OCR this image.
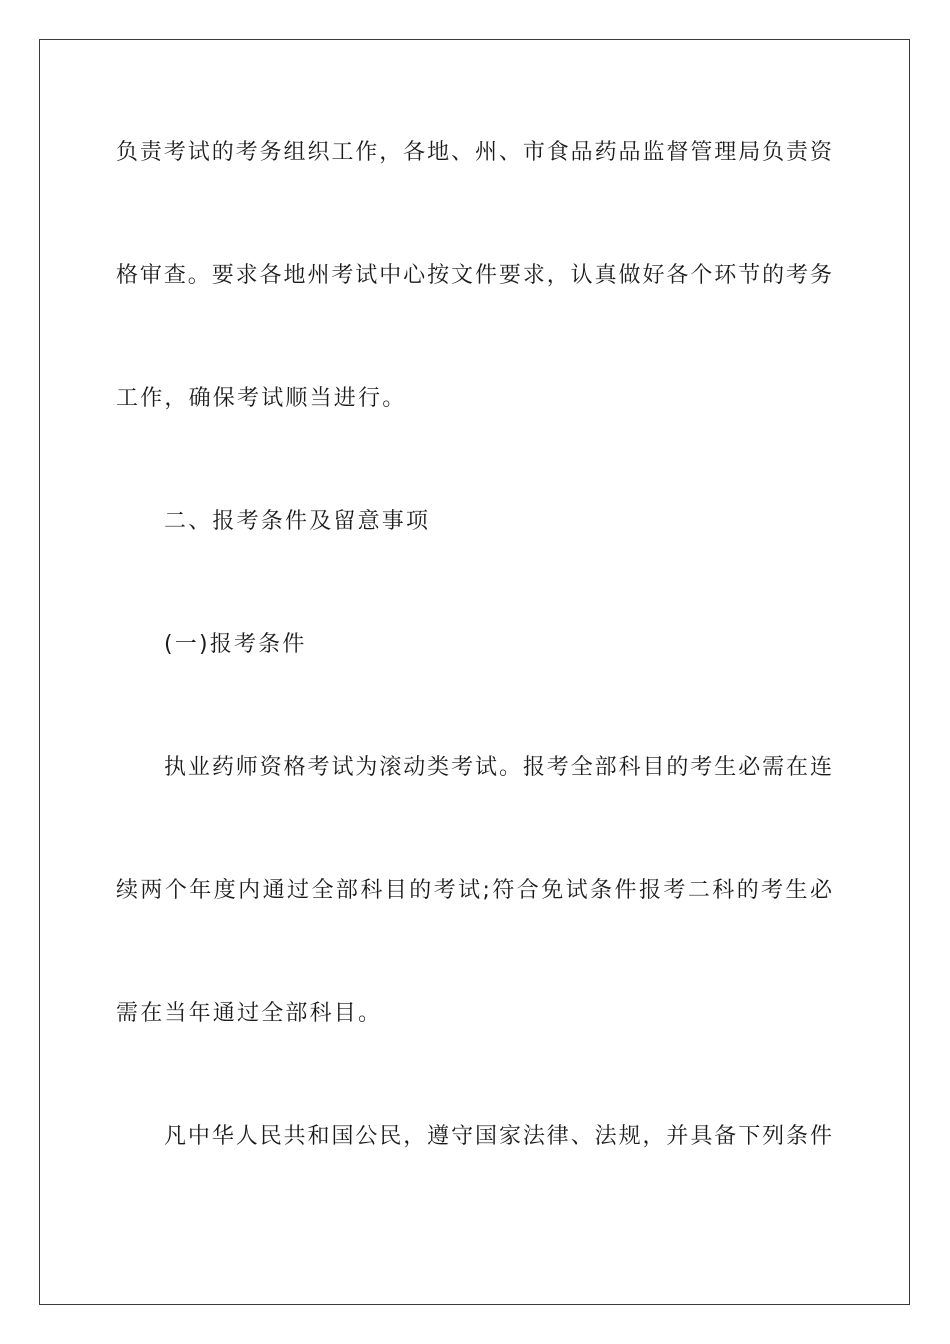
负责考试的考务组织工作，各地、州、市食品药品监督管理局负责资
格审查。要求各地州考试中心按文件要求，认真做好各个环节的考务
工作，确保考试顺当进行。
二、报考条件及留意事项
(一)报考条件
执业药师资格考试为滚动类考试。报考全部科目的考生必需在连
续两个年度内通过全部科目的考试;符合免试条件报考二科的考生必
需在当年通过全部科目。
凡中华人民共和国公民，遵守国家法律、法规，并具备下列条件
